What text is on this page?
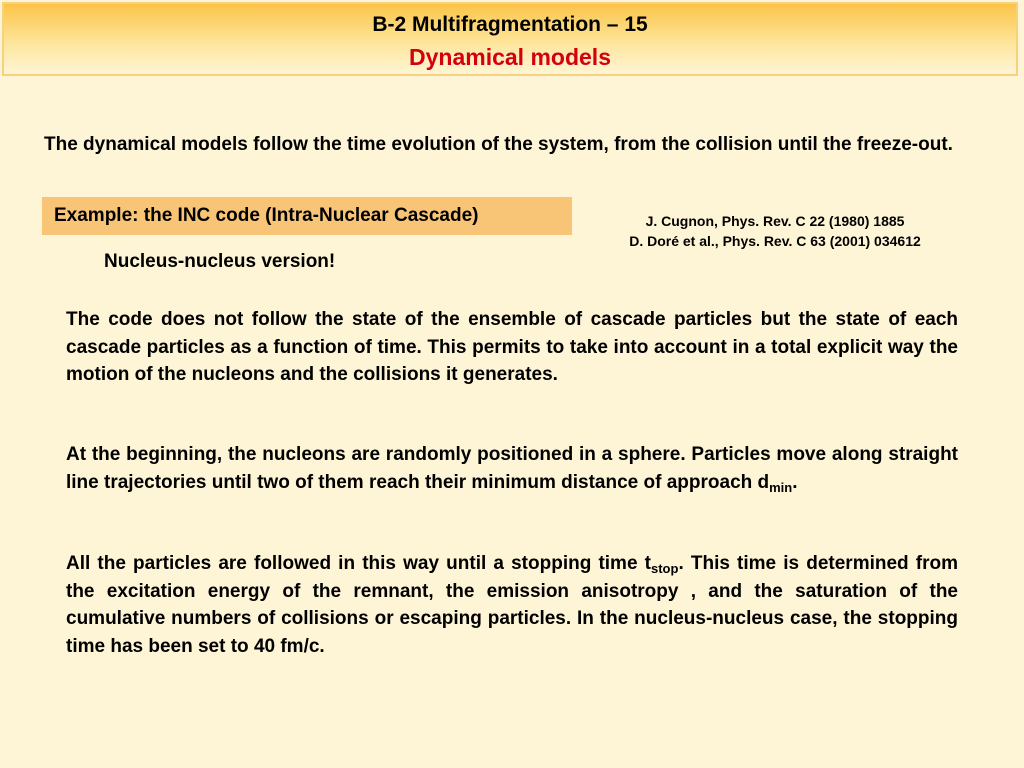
B-2 Multifragmentation – 15
Dynamical models
The dynamical models follow the time evolution of the system, from the collision until the freeze-out.
Example: the INC code (Intra-Nuclear Cascade)	J. Cugnon, Phys. Rev. C 22 (1980) 1885
D. Doré et al., Phys. Rev. C 63 (2001) 034612
Nucleus-nucleus version!
The code does not follow the state of the ensemble of cascade particles but the state of each cascade particles as a function of time. This permits to take into account in a total explicit way the motion of the nucleons and the collisions it generates.
At the beginning, the nucleons are randomly positioned in a sphere. Particles move along straight line trajectories until two of them reach their minimum distance of approach $d_{min}$.
All the particles are followed in this way until a stopping time $t_{stop}$. This time is determined from the excitation energy of the remnant, the emission anisotropy , and the saturation of the cumulative numbers of collisions or escaping particles. In the nucleus-nucleus case, the stopping time has been set to 40 fm/c.
